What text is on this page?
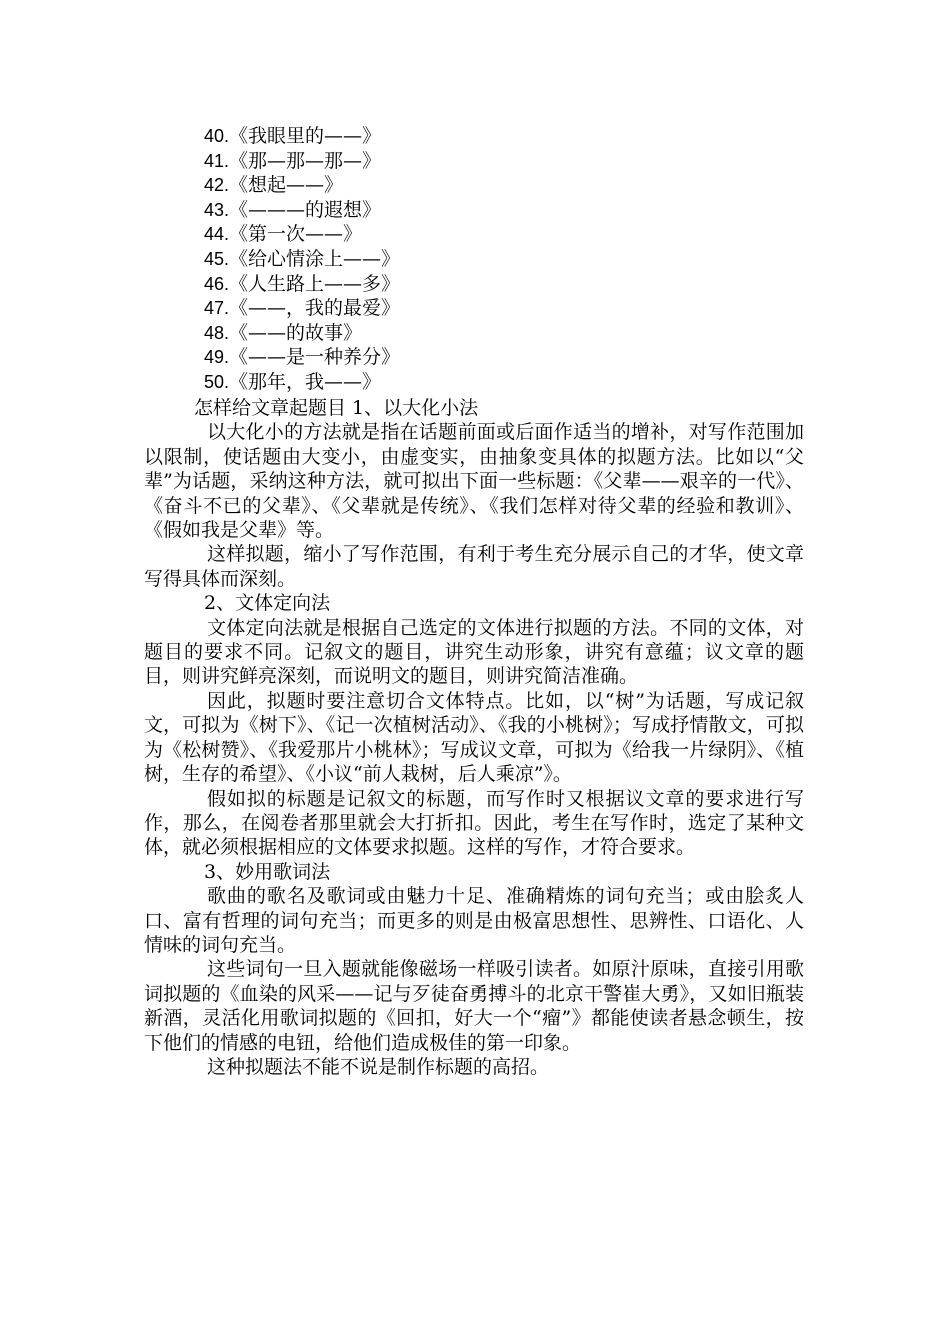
40.《我眼里的——》
41.《那—那—那—》
42.《想起——》
43.《———的遐想》
44.《第一次——》
45.《给心情涂上——》
46.《人生路上——多》
47.《——，我的最爱》
48.《——的故事》
49.《——是一种养分》
50.《那年，我——》

怎样给文章起题目 1、以大化小法

以大化小的方法就是指在话题前面或后面作适当的增补，对写作范围加以限制，使话题由大变小，由虚变实，由抽象变具体的拟题方法。比如以“父辈”为话题，采纳这种方法，就可拟出下面一些标题：《父辈——艰辛的一代》、《奋斗不已的父辈》、《父辈就是传统》、《我们怎样对待父辈的经验和教训》、《假如我是父辈》等。

这样拟题，缩小了写作范围，有利于考生充分展示自己的才华，使文章写得具体而深刻。

2、文体定向法

文体定向法就是根据自己选定的文体进行拟题的方法。不同的文体，对题目的要求不同。记叙文的题目，讲究生动形象，讲究有意蕴；议文章的题目，则讲究鲜亮深刻，而说明文的题目，则讲究简洁准确。

因此，拟题时要注意切合文体特点。比如，以“树”为话题，写成记叙文，可拟为《树下》、《记一次植树活动》、《我的小桃树》；写成抒情散文，可拟为《松树赞》、《我爱那片小桃林》；写成议文章，可拟为《给我一片绿阴》、《植树，生存的希望》、《小议“前人栽树，后人乘凉”》。

假如拟的标题是记叙文的标题，而写作时又根据议文章的要求进行写作，那么，在阅卷者那里就会大打折扣。因此，考生在写作时，选定了某种文体，就必须根据相应的文体要求拟题。这样的写作，才符合要求。

3、妙用歌词法

歌曲的歌名及歌词或由魅力十足、准确精炼的词句充当；或由脍炙人口、富有哲理的词句充当；而更多的则是由极富思想性、思辨性、口语化、人情味的词句充当。

这些词句一旦入题就能像磁场一样吸引读者。如原汁原味，直接引用歌词拟题的《血染的风采——记与歹徒奋勇搏斗的北京干警崔大勇》，又如旧瓶装新酒，灵活化用歌词拟题的《回扣，好大一个“瘤”》都能使读者悬念顿生，按下他们的情感的电钮，给他们造成极佳的第一印象。

这种拟题法不能不说是制作标题的高招。
